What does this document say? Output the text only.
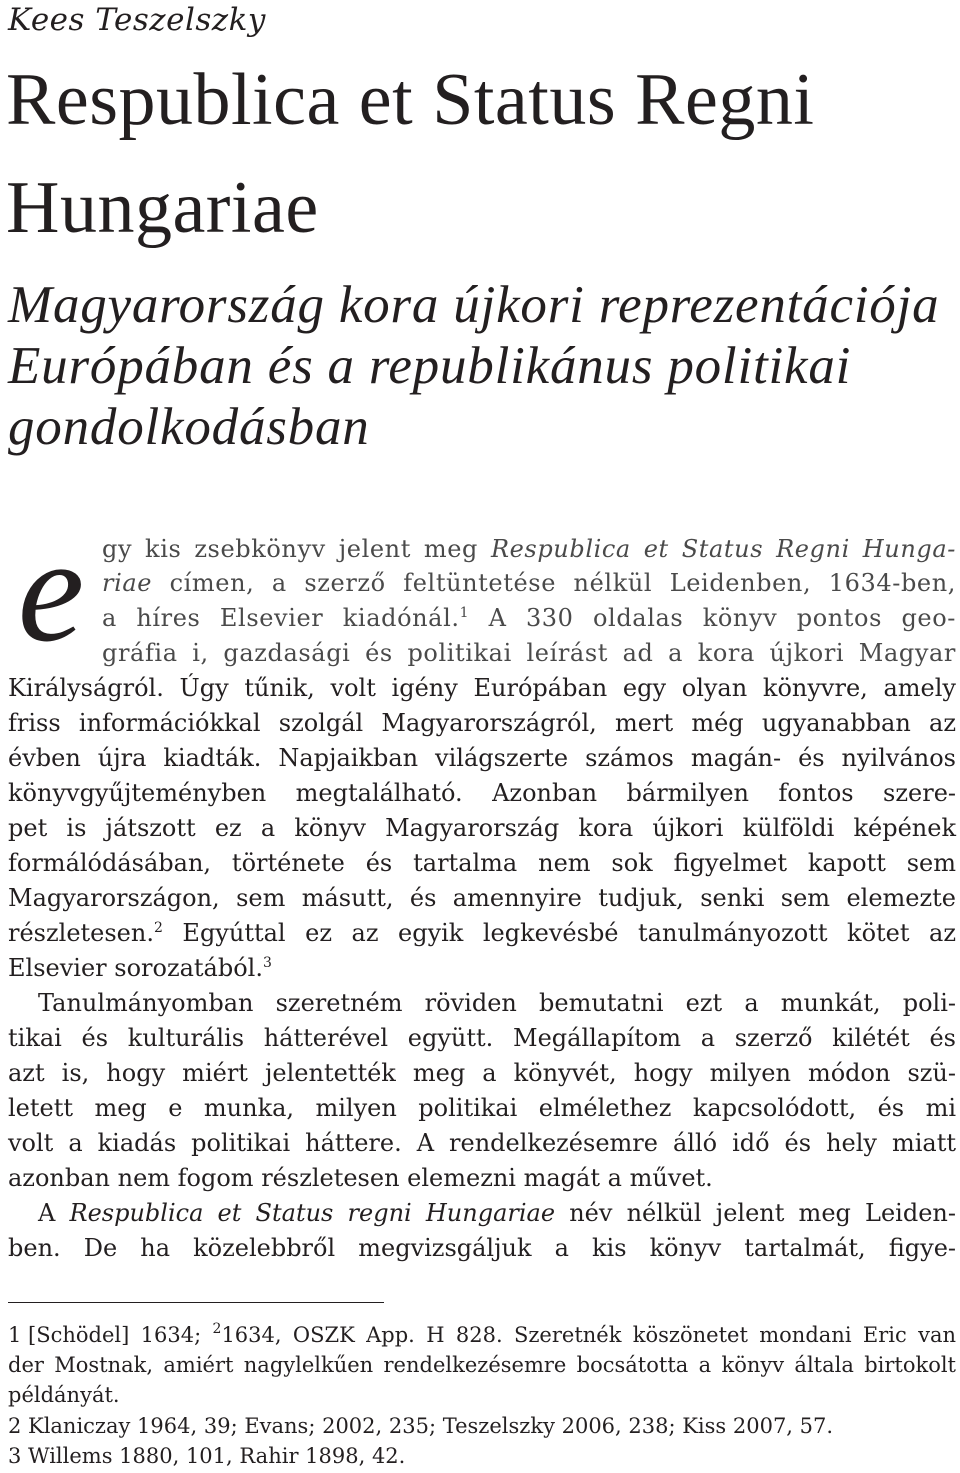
Kees Teszelszky
Respublica et Status Regni
Hungariae
Magyarország kora újkori reprezentációja
Európában és a republikánus politikai
gondolkodásban
e gy kis zsebkönyv jelent meg Respublica et Status Regni Hunga-
riae címen, a szerző feltüntetése nélkül Leidenben, 1634-ben,
a híres Elsevier kiadónál.$^1$ A 330 oldalas könyv pontos geo-
gráfia i, gazdasági és politikai leírást ad a kora újkori Magyar
Királyságról. Úgy tűnik, volt igény Európában egy olyan könyvre, amely
friss információkkal szolgál Magyarországról, mert még ugyanabban az
évben újra kiadták. Napjaikban világszerte számos magán- és nyilvános
könyvgyűjteményben megtalálható. Azonban bármilyen fontos szere-
pet is játszott ez a könyv Magyarország kora újkori külföldi képének
formálódásában, története és tartalma nem sok figyelmet kapott sem
Magyarországon, sem másutt, és amennyire tudjuk, senki sem elemezte
részletesen.$^2$ Egyúttal ez az egyik legkevésbé tanulmányozott kötet az
Elsevier sorozatából.$^3$
Tanulmányomban szeretném röviden bemutatni ezt a munkát, poli-
tikai és kulturális hátterével együtt. Megállapítom a szerző kilétét és
azt is, hogy miért jelentették meg a könyvét, hogy milyen módon szü-
letett meg e munka, milyen politikai elmélethez kapcsolódott, és mi
volt a kiadás politikai háttere. A rendelkezésemre álló idő és hely miatt
azonban nem fogom részletesen elemezni magát a művet.
A Respublica et Status regni Hungariae név nélkül jelent meg Leiden-
ben. De ha közelebbről megvizsgáljuk a kis könyv tartalmát, figye-
1 [Schödel] 1634; $^2$1634, OSZK App. H 828. Szeretnék köszönetet mondani Eric van
der Mostnak, amiért nagylelkűen rendelkezésemre bocsátotta a könyv általa birtokolt
példányát.
2 Klaniczay 1964, 39; Evans; 2002, 235; Teszelszky 2006, 238; Kiss 2007, 57.
3 Willems 1880, 101, Rahir 1898, 42.
